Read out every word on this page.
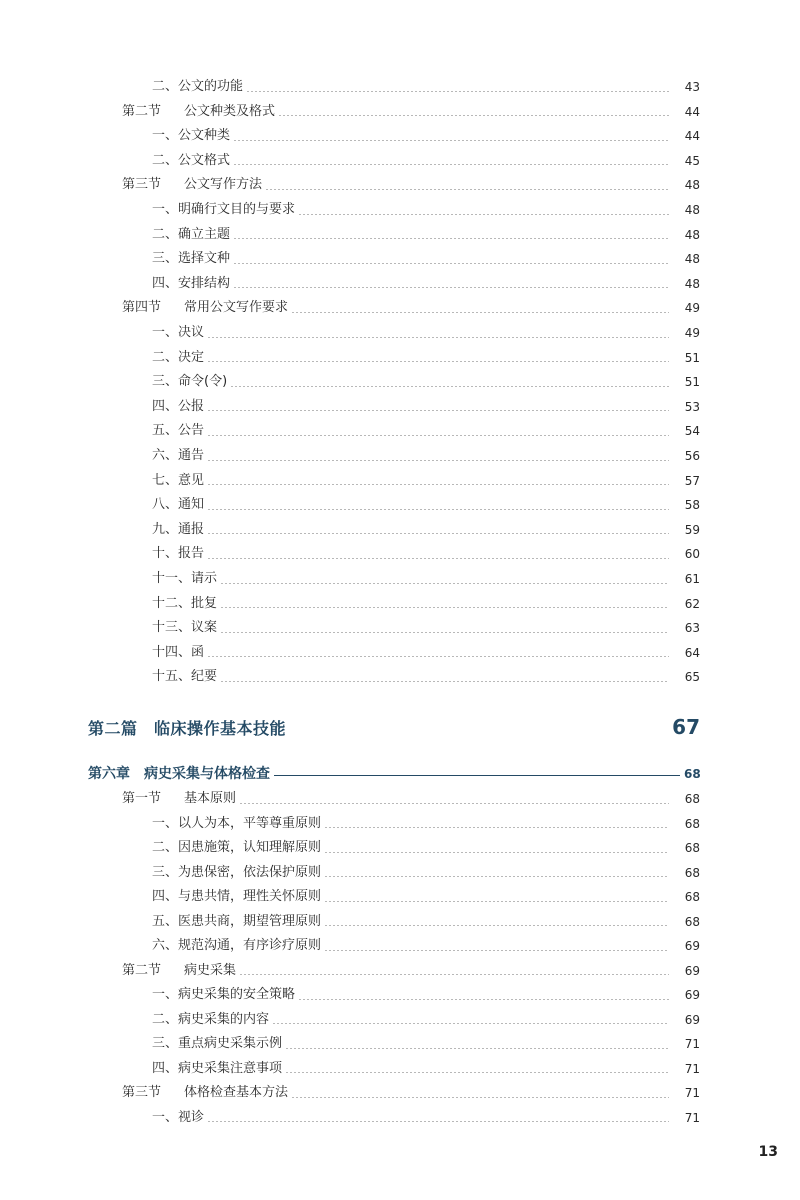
二、公文的功能	43
第二节	公文种类及格式	44
一、公文种类	44
二、公文格式	45
第三节	公文写作方法	48
一、明确行文目的与要求	48
二、确立主题	48
三、选择文种	48
四、安排结构	48
第四节	常用公文写作要求	49
一、决议	49
二、决定	51
三、命令(令)	51
四、公报	53
五、公告	54
六、通告	56
七、意见	57
八、通知	58
九、通报	59
十、报告	60
十一、请示	61
十二、批复	62
十三、议案	63
十四、函	64
十五、纪要	65
第二篇　临床操作基本技能	67
第六章　病史采集与体格检查	68
第一节	基本原则	68
一、以人为本，平等尊重原则	68
二、因患施策，认知理解原则	68
三、为患保密，依法保护原则	68
四、与患共情，理性关怀原则	68
五、医患共商，期望管理原则	68
六、规范沟通，有序诊疗原则	69
第二节	病史采集	69
一、病史采集的安全策略	69
二、病史采集的内容	69
三、重点病史采集示例	71
四、病史采集注意事项	71
第三节	体格检查基本方法	71
一、视诊	71
13
